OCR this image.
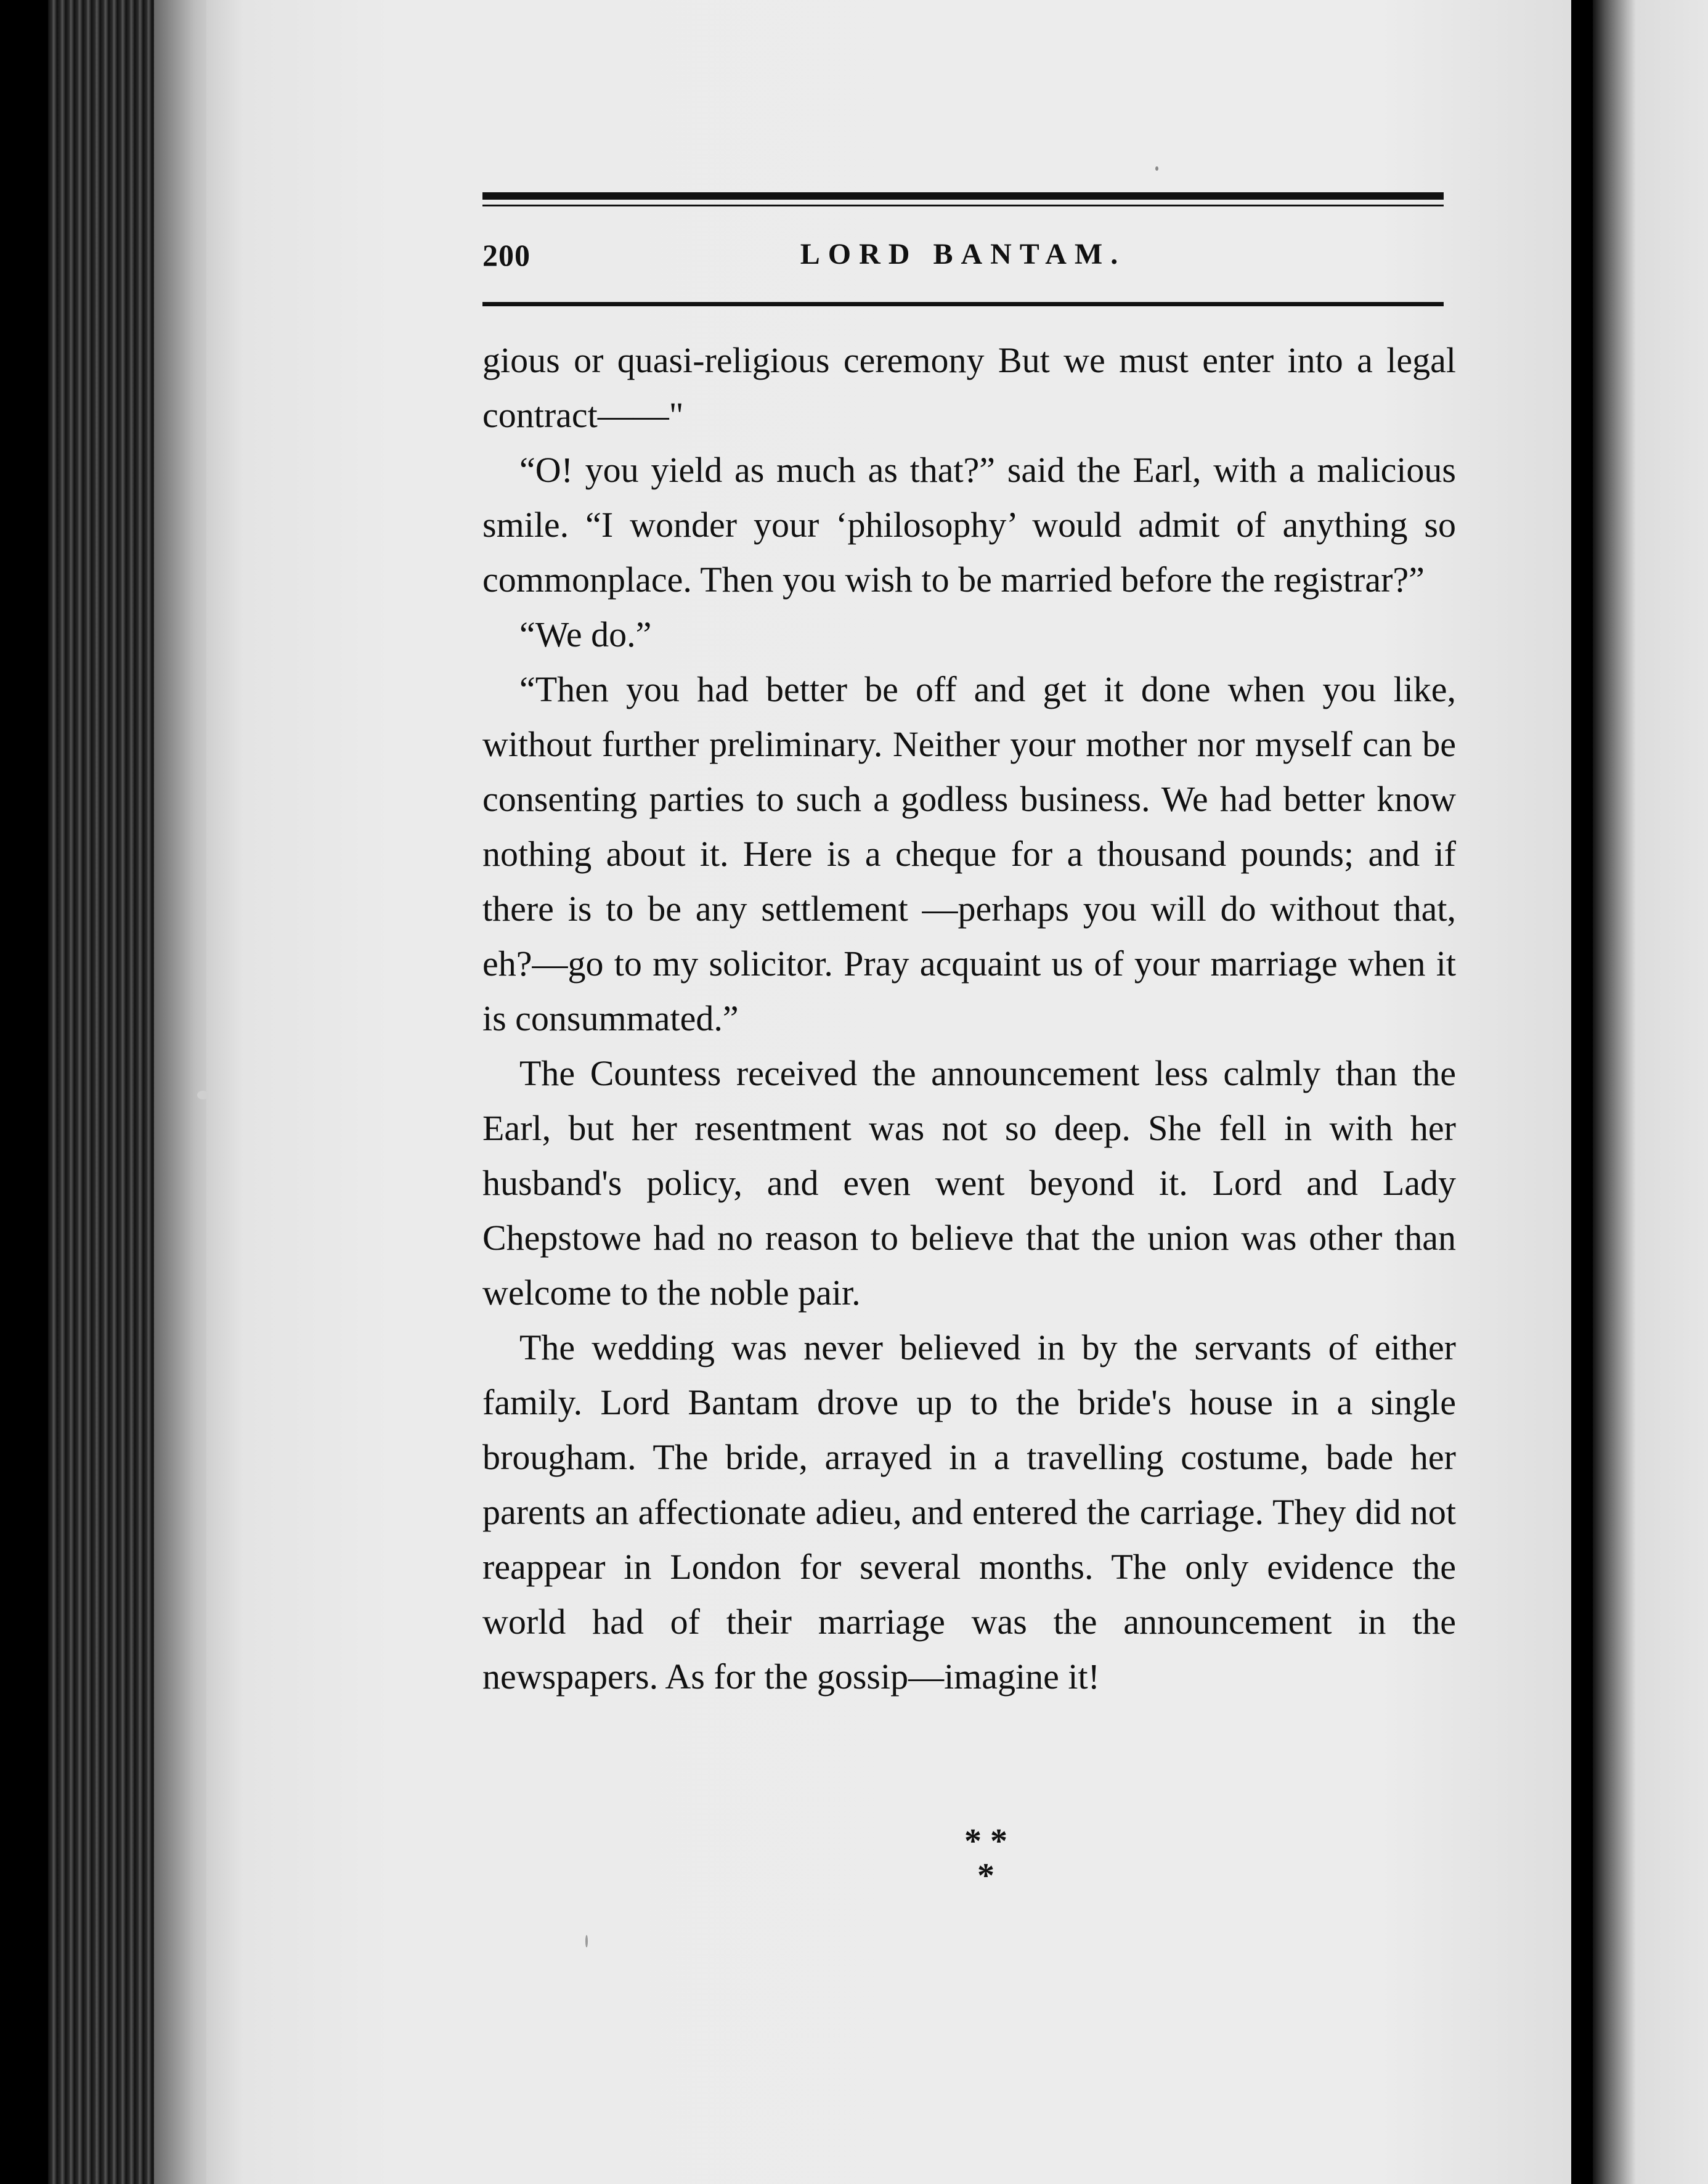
200	LORD BANTAM.

gious or quasi-religious ceremony But we must enter into a legal contract——"

“O! you yield as much as that?” said the Earl, with a malicious smile. “I wonder your ‘philosophy’ would admit of anything so commonplace. Then you wish to be married before the registrar?”

“We do.”

“Then you had better be off and get it done when you like, without further preliminary. Neither your mother nor myself can be consenting parties to such a godless business. We had better know nothing about it. Here is a cheque for a thousand pounds; and if there is to be any settlement —perhaps you will do without that, eh?—go to my solicitor. Pray acquaint us of your marriage when it is consummated.”

The Countess received the announcement less calmly than the Earl, but her resentment was not so deep. She fell in with her husband's policy, and even went beyond it. Lord and Lady Chepstowe had no reason to believe that the union was other than welcome to the noble pair.

The wedding was never believed in by the servants of either family. Lord Bantam drove up to the bride's house in a single brougham. The bride, arrayed in a travelling costume, bade her parents an affectionate adieu, and entered the carriage. They did not reappear in London for several months. The only evidence the world had of their marriage was the announcement in the newspapers. As for the gossip—imagine it!

* *
*
